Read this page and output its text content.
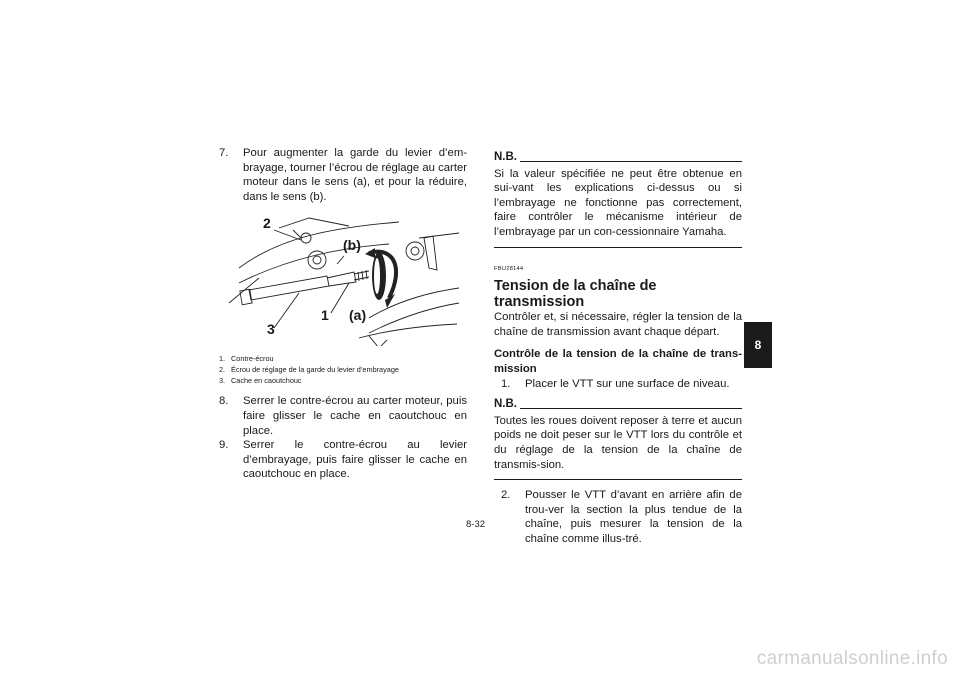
7.	Pour augmenter la garde du levier d’em-brayage, tourner l’écrou de réglage au carter moteur dans le sens (a), et pour la réduire, dans le sens (b).
2
(b)
(a)
1
3
1. Contre-écrou
2. Écrou de réglage de la garde du levier d’embrayage
3. Cache en caoutchouc
8.	Serrer le contre-écrou au carter moteur, puis faire glisser le cache en caoutchouc en place.
9.	Serrer le contre-écrou au levier d’embrayage, puis faire glisser le cache en caoutchouc en place.
N.B.
Si la valeur spécifiée ne peut être obtenue en sui-vant les explications ci-dessus ou si l’embrayage ne fonctionne pas correctement, faire contrôler le mécanisme intérieur de l’embrayage par un con-cessionnaire Yamaha.
FBU28144
Tension de la chaîne de transmission
Contrôler et, si nécessaire, régler la tension de la chaîne de transmission avant chaque départ.
Contrôle de la tension de la chaîne de trans-mission
1.	Placer le VTT sur une surface de niveau.
N.B.
Toutes les roues doivent reposer à terre et aucun poids ne doit peser sur le VTT lors du contrôle et du réglage de la tension de la chaîne de transmis-sion.
2.	Pousser le VTT d’avant en arrière afin de trou-ver la section la plus tendue de la chaîne, puis mesurer la tension de la chaîne comme illus-tré.
8
8-32
carmanualsonline.info
